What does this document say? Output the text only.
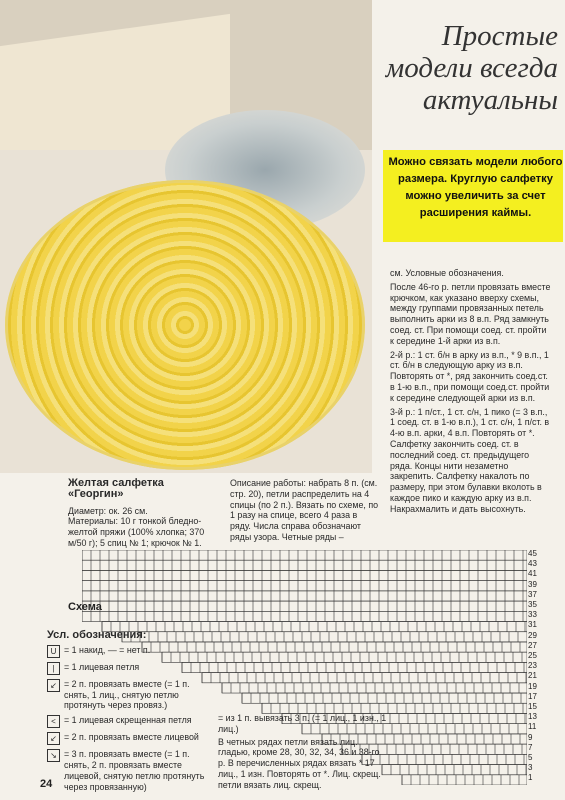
Простые
модели всегда
актуальны
Можно связать модели любого размера. Круглую салфетку можно увеличить за счет расширения каймы.
см. Условные обозначения.
После 46-го р. петли провязать вместе крючком, как указано вверху схемы, между группами провязанных петель выполнить арки из 8 в.п. Ряд замкнуть соед. ст. При помощи соед. ст. пройти к середине 1-й арки из в.п.
2-й р.: 1 ст. б/н в арку из в.п., * 9 в.п., 1 ст. б/н в следующую арку из в.п. Повторять от *, ряд закончить соед.ст. в 1-ю в.п., при помощи соед.ст. пройти к середине следующей арки из в.п.
3-й р.: 1 п/ст., 1 ст. с/н, 1 пико (= 3 в.п., 1 соед. ст. в 1-ю в.п.), 1 ст. с/н, 1 п/ст. в 4-ю в.п. арки, 4 в.п. Повторять от *. Салфетку закончить соед. ст. в последний соед. ст. предыдущего ряда. Концы нити незаметно закрепить. Салфетку накалоть по размеру, при этом булавки вколоть в каждое пико и каждую арку из в.п. Накрахмалить и дать высохнуть.
Желтая салфетка «Георгин»
Диаметр: ок. 26 см.
Материалы: 10 г тонкой бледно-желтой пряжи (100% хлопка; 370 м/50 г); 5 спиц № 1; крючок № 1.
Описание работы: набрать 8 п. (см. стр. 20), петли распределить на 4 спицы (по 2 п.). Вязать по схеме, по 1 разу на спице, всего 4 раза в ряду. Числа справа обозначают ряды узора. Четные ряды –
Схема
45
43
41
39
37
35
33
31
29
27
25
23
21
19
17
15
13
11
9
7
5
3
1
Усл. обозначения:
U = 1 накид, — = нет п.
|	= 1 лицевая петля
↙ = 2 п. провязать вместе (= 1 п. снять, 1 лиц., снятую петлю протянуть через провяз.)
< = 1 лицевая скрещенная петля
↙ = 2 п. провязать вместе лицевой
↘ = 3 п. провязать вместе (= 1 п. снять, 2 п. провязать вместе лицевой, снятую петлю протянуть через провязанную)
= из 1 п. вывязать 3 п. (= 1 лиц., 1 изн., 1 лиц.)
В четных рядах петли вязать лиц. гладью, кроме 28, 30, 32, 34, 36 и 38-го р. В перечисленных рядах вязать * 17 лиц., 1 изн. Повторять от *. Лиц. скрещ. петли вязать лиц. скрещ.
24
